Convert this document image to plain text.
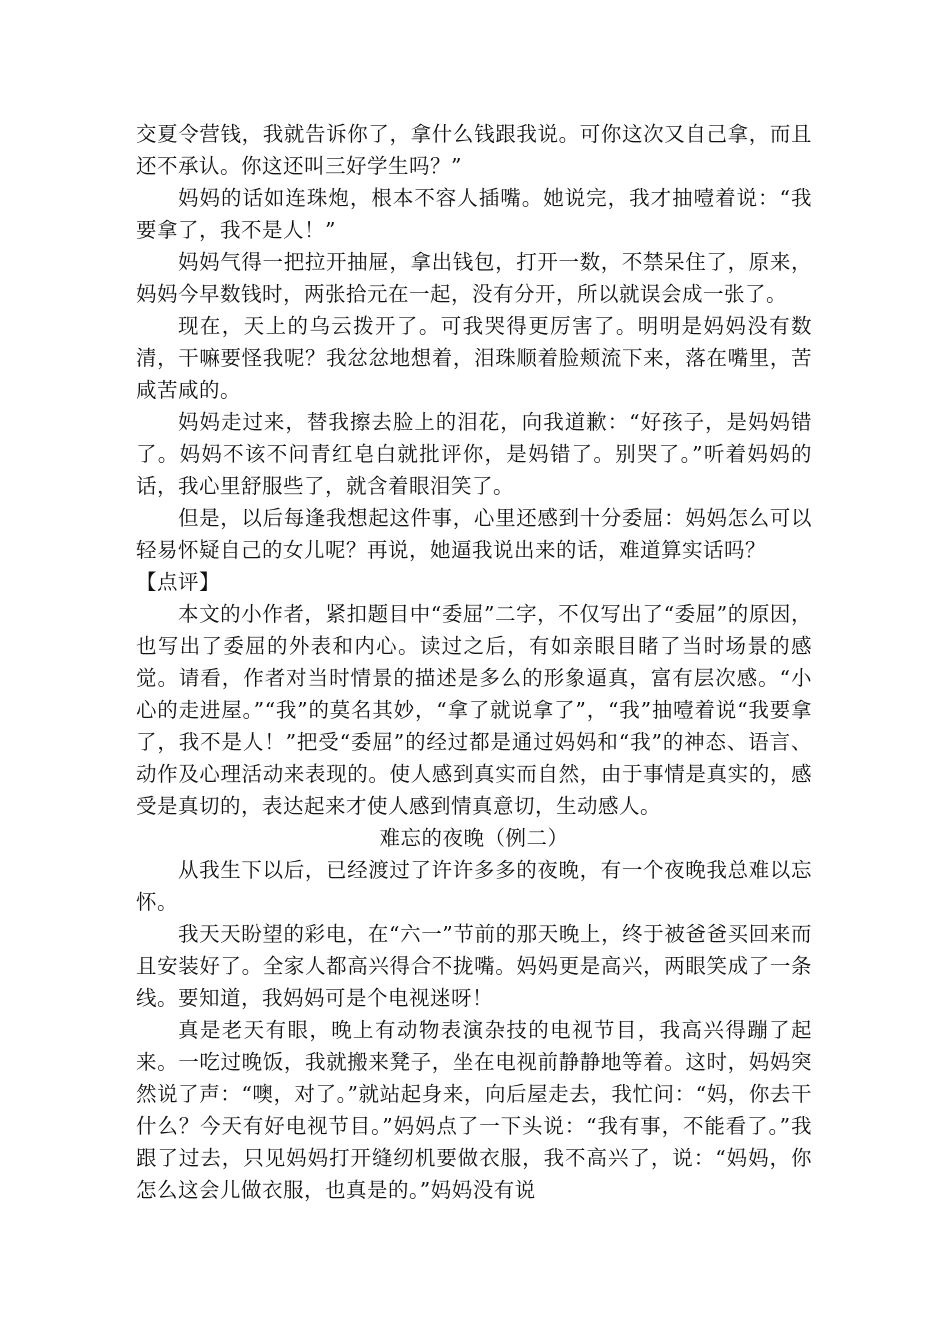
交夏令营钱，我就告诉你了，拿什么钱跟我说。可你这次又自己拿，而且还不承认。你这还叫三好学生吗？”

妈妈的话如连珠炮，根本不容人插嘴。她说完，我才抽噎着说：“我要拿了，我不是人！”

妈妈气得一把拉开抽屉，拿出钱包，打开一数，不禁呆住了，原来，妈妈今早数钱时，两张拾元在一起，没有分开，所以就误会成一张了。

现在，天上的乌云拨开了。可我哭得更厉害了。明明是妈妈没有数清，干嘛要怪我呢？我忿忿地想着，泪珠顺着脸颊流下来，落在嘴里，苦咸苦咸的。

妈妈走过来，替我擦去脸上的泪花，向我道歉：“好孩子，是妈妈错了。妈妈不该不问青红皂白就批评你，是妈错了。别哭了。”听着妈妈的话，我心里舒服些了，就含着眼泪笑了。

但是，以后每逢我想起这件事，心里还感到十分委屈：妈妈怎么可以轻易怀疑自己的女儿呢？再说，她逼我说出来的话，难道算实话吗？

【点评】

本文的小作者，紧扣题目中“委屈”二字，不仅写出了“委屈”的原因，也写出了委屈的外表和内心。读过之后，有如亲眼目睹了当时场景的感觉。请看，作者对当时情景的描述是多么的形象逼真，富有层次感。“小心的走进屋。”“我”的莫名其妙，“拿了就说拿了”，“我”抽噎着说“我要拿了，我不是人！”把受“委屈”的经过都是通过妈妈和“我”的神态、语言、动作及心理活动来表现的。使人感到真实而自然，由于事情是真实的，感受是真切的，表达起来才使人感到情真意切，生动感人。

难忘的夜晚（例二）

从我生下以后，已经渡过了许许多多的夜晚，有一个夜晚我总难以忘怀。

我天天盼望的彩电，在“六一”节前的那天晚上，终于被爸爸买回来而且安装好了。全家人都高兴得合不拢嘴。妈妈更是高兴，两眼笑成了一条线。要知道，我妈妈可是个电视迷呀！

真是老天有眼，晚上有动物表演杂技的电视节目，我高兴得蹦了起来。一吃过晚饭，我就搬来凳子，坐在电视前静静地等着。这时，妈妈突然说了声：“噢，对了。”就站起身来，向后屋走去，我忙问：“妈，你去干什么？今天有好电视节目。”妈妈点了一下头说：“我有事，不能看了。”我跟了过去，只见妈妈打开缝纫机要做衣服，我不高兴了，说：“妈妈，你怎么这会儿做衣服，也真是的。”妈妈没有说
